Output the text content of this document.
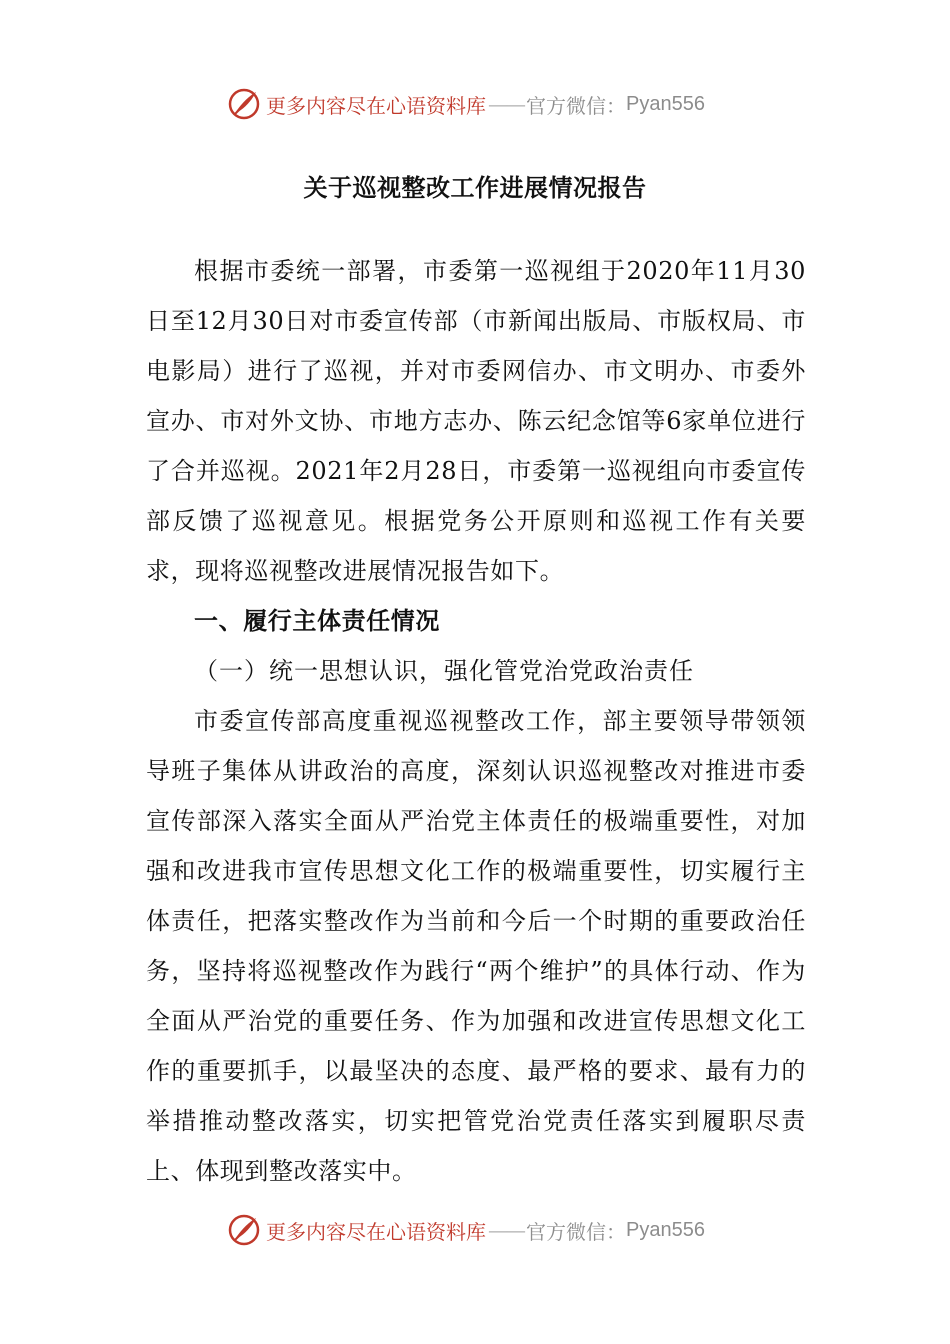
更多内容尽在心语资料库 —— 官方微信： Pyan556
关于巡视整改工作进展情况报告

根据市委统一部署，市委第一巡视组于2020年11月30日至12月30日对市委宣传部（市新闻出版局、市版权局、市电影局）进行了巡视，并对市委网信办、市文明办、市委外宣办、市对外文协、市地方志办、陈云纪念馆等6家单位进行了合并巡视。2021年2月28日，市委第一巡视组向市委宣传部反馈了巡视意见。根据党务公开原则和巡视工作有关要求，现将巡视整改进展情况报告如下。

一、履行主体责任情况

（一）统一思想认识，强化管党治党政治责任

市委宣传部高度重视巡视整改工作，部主要领导带领领导班子集体从讲政治的高度，深刻认识巡视整改对推进市委宣传部深入落实全面从严治党主体责任的极端重要性，对加强和改进我市宣传思想文化工作的极端重要性，切实履行主体责任，把落实整改作为当前和今后一个时期的重要政治任务，坚持将巡视整改作为践行“两个维护”的具体行动、作为全面从严治党的重要任务、作为加强和改进宣传思想文化工作的重要抓手，以最坚决的态度、最严格的要求、最有力的举措推动整改落实，切实把管党治党责任落实到履职尽责上、体现到整改落实中。

更多内容尽在心语资料库 —— 官方微信： Pyan556
